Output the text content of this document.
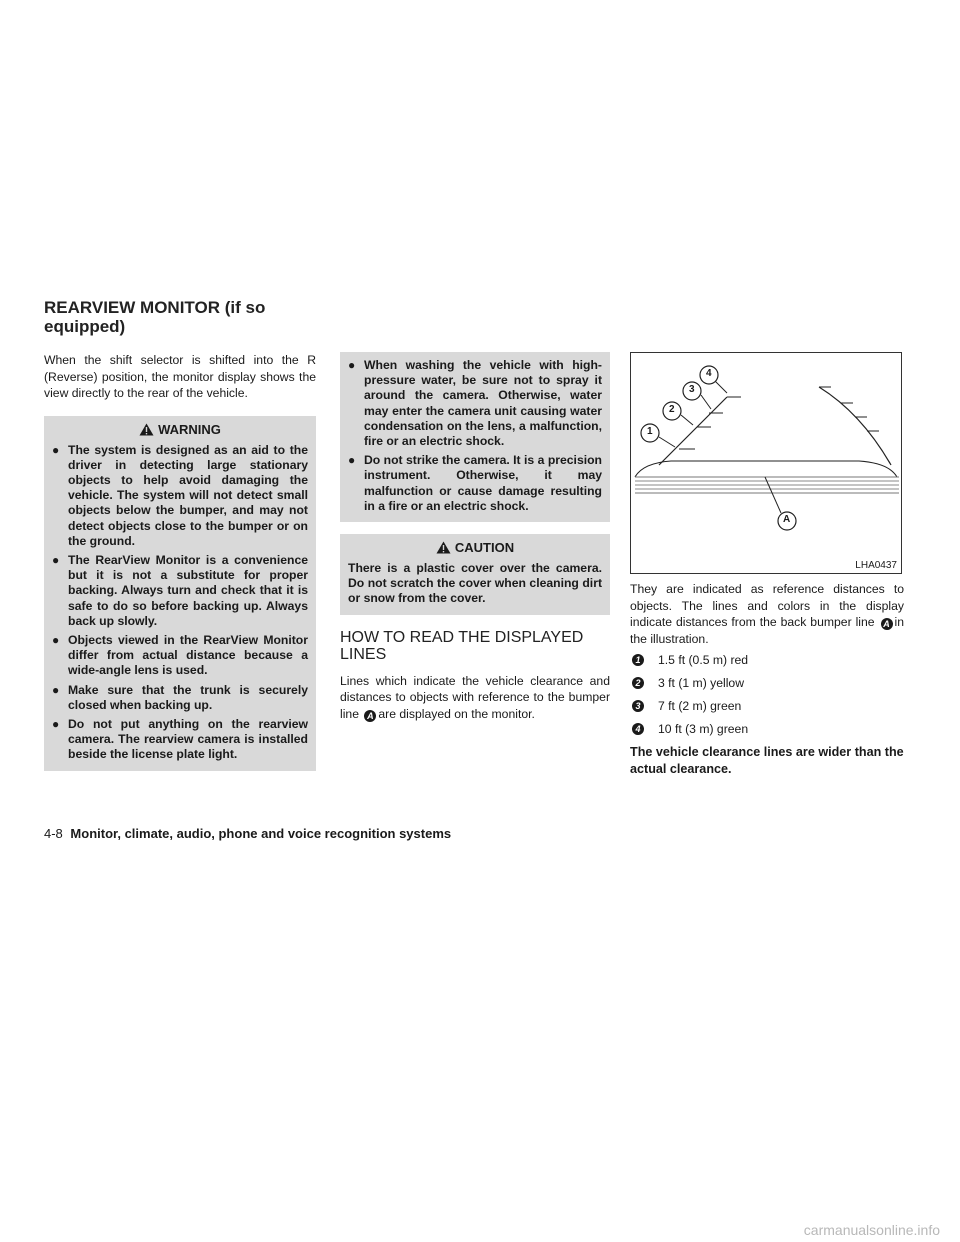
REARVIEW MONITOR (if so equipped)

When the shift selector is shifted into the R (Reverse) position, the monitor display shows the view directly to the rear of the vehicle.

WARNING
● The system is designed as an aid to the driver in detecting large stationary objects to help avoid damaging the vehicle. The system will not detect small objects below the bumper, and may not detect objects close to the bumper or on the ground.
● The RearView Monitor is a convenience but it is not a substitute for proper backing. Always turn and check that it is safe to do so before backing up. Always back up slowly.
● Objects viewed in the RearView Monitor differ from actual distance because a wide-angle lens is used.
● Make sure that the trunk is securely closed when backing up.
● Do not put anything on the rearview camera. The rearview camera is installed beside the license plate light.
● When washing the vehicle with high-pressure water, be sure not to spray it around the camera. Otherwise, water may enter the camera unit causing water condensation on the lens, a malfunction, fire or an electric shock.
● Do not strike the camera. It is a precision instrument. Otherwise, it may malfunction or cause damage resulting in a fire or an electric shock.
CAUTION

There is a plastic cover over the camera. Do not scratch the cover when cleaning dirt or snow from the cover.

HOW TO READ THE DISPLAYED LINES

Lines which indicate the vehicle clearance and distances to objects with reference to the bumper line A are displayed on the monitor.

1
2
3
4
A
LHA0437

They are indicated as reference distances to objects. The lines and colors in the display indicate distances from the back bumper line A in the illustration.

1 1.5 ft (0.5 m) red
2 3 ft (1 m) yellow
3 7 ft (2 m) green
4 10 ft (3 m) green
The vehicle clearance lines are wider than the actual clearance.
4-8 Monitor, climate, audio, phone and voice recognition systems
carmanualsonline.info
